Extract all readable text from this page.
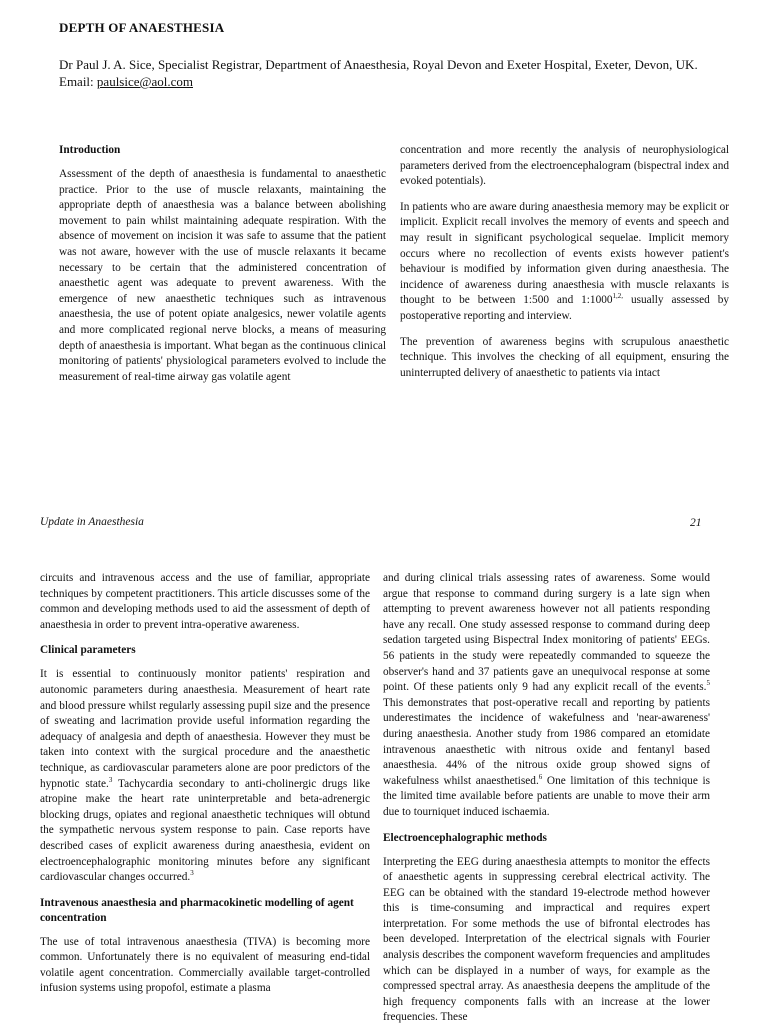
DEPTH OF ANAESTHESIA
Dr Paul J. A. Sice, Specialist Registrar, Department of Anaesthesia, Royal Devon and Exeter Hospital, Exeter, Devon, UK. Email: paulsice@aol.com
Introduction

Assessment of the depth of anaesthesia is fundamental to anaesthetic practice. Prior to the use of muscle relaxants, maintaining the appropriate depth of anaesthesia was a balance between abolishing movement to pain whilst maintaining adequate respiration. With the absence of movement on incision it was safe to assume that the patient was not aware, however with the use of muscle relaxants it became necessary to be certain that the administered concentration of anaesthetic agent was adequate to prevent awareness. With the emergence of new anaesthetic techniques such as intravenous anaesthesia, the use of potent opiate analgesics, newer volatile agents and more complicated regional nerve blocks, a means of measuring depth of anaesthesia is important. What began as the continuous clinical monitoring of patients' physiological parameters evolved to include the measurement of real-time airway gas volatile agent

concentration and more recently the analysis of neurophysiological parameters derived from the electroencephalogram (bispectral index and evoked potentials).

In patients who are aware during anaesthesia memory may be explicit or implicit. Explicit recall involves the memory of events and speech and may result in significant psychological sequelae. Implicit memory occurs where no recollection of events exists however patient's behaviour is modified by information given during anaesthesia. The incidence of awareness during anaesthesia with muscle relaxants is thought to be between 1:500 and $1:1000^{1,2,}$ usually assessed by postoperative reporting and interview.

The prevention of awareness begins with scrupulous anaesthetic technique. This involves the checking of all equipment, ensuring the uninterrupted delivery of anaesthetic to patients via intact

Update in Anaesthesia	21

circuits and intravenous access and the use of familiar, appropriate techniques by competent practitioners. This article discusses some of the common and developing methods used to aid the assessment of depth of anaesthesia in order to prevent intra-operative awareness.

Clinical parameters

It is essential to continuously monitor patients' respiration and autonomic parameters during anaesthesia. Measurement of heart rate and blood pressure whilst regularly assessing pupil size and the presence of sweating and lacrimation provide useful information regarding the adequacy of analgesia and depth of anaesthesia. However they must be taken into context with the surgical procedure and the anaesthetic technique, as cardiovascular parameters alone are poor predictors of the hypnotic state.$^3$ Tachycardia secondary to anti-cholinergic drugs like atropine make the heart rate uninterpretable and beta-adrenergic blocking drugs, opiates and regional anaesthetic techniques will obtund the sympathetic nervous system response to pain. Case reports have described cases of explicit awareness during anaesthesia, evident on electroencephalographic monitoring minutes before any significant cardiovascular changes occurred.$^3$

Intravenous anaesthesia and pharmacokinetic modelling of agent concentration

The use of total intravenous anaesthesia (TIVA) is becoming more common. Unfortunately there is no equivalent of measuring end-tidal volatile agent concentration. Commercially available target-controlled infusion systems using propofol, estimate a plasma

and during clinical trials assessing rates of awareness. Some would argue that response to command during surgery is a late sign when attempting to prevent awareness however not all patients responding have any recall. One study assessed response to command during deep sedation targeted using Bispectral Index monitoring of patients' EEGs. 56 patients in the study were repeatedly commanded to squeeze the observer's hand and 37 patients gave an unequivocal response at some point. Of these patients only 9 had any explicit recall of the events.$^5$ This demonstrates that post-operative recall and reporting by patients underestimates the incidence of wakefulness and 'near-awareness' during anaesthesia. Another study from 1986 compared an etomidate intravenous anaesthetic with nitrous oxide and fentanyl based anaesthesia. 44% of the nitrous oxide group showed signs of wakefulness whilst anaesthetised.$^6$ One limitation of this technique is the limited time available before patients are unable to move their arm due to tourniquet induced ischaemia.

Electroencephalographic methods

Interpreting the EEG during anaesthesia attempts to monitor the effects of anaesthetic agents in suppressing cerebral electrical activity. The EEG can be obtained with the standard 19-electrode method however this is time-consuming and impractical and requires expert interpretation. For some methods the use of bifrontal electrodes has been developed. Interpretation of the electrical signals with Fourier analysis describes the component waveform frequencies and amplitudes which can be displayed in a number of ways, for example as the compressed spectral array. As anaesthesia deepens the amplitude of the high frequency components falls with an increase at the lower frequencies. These
